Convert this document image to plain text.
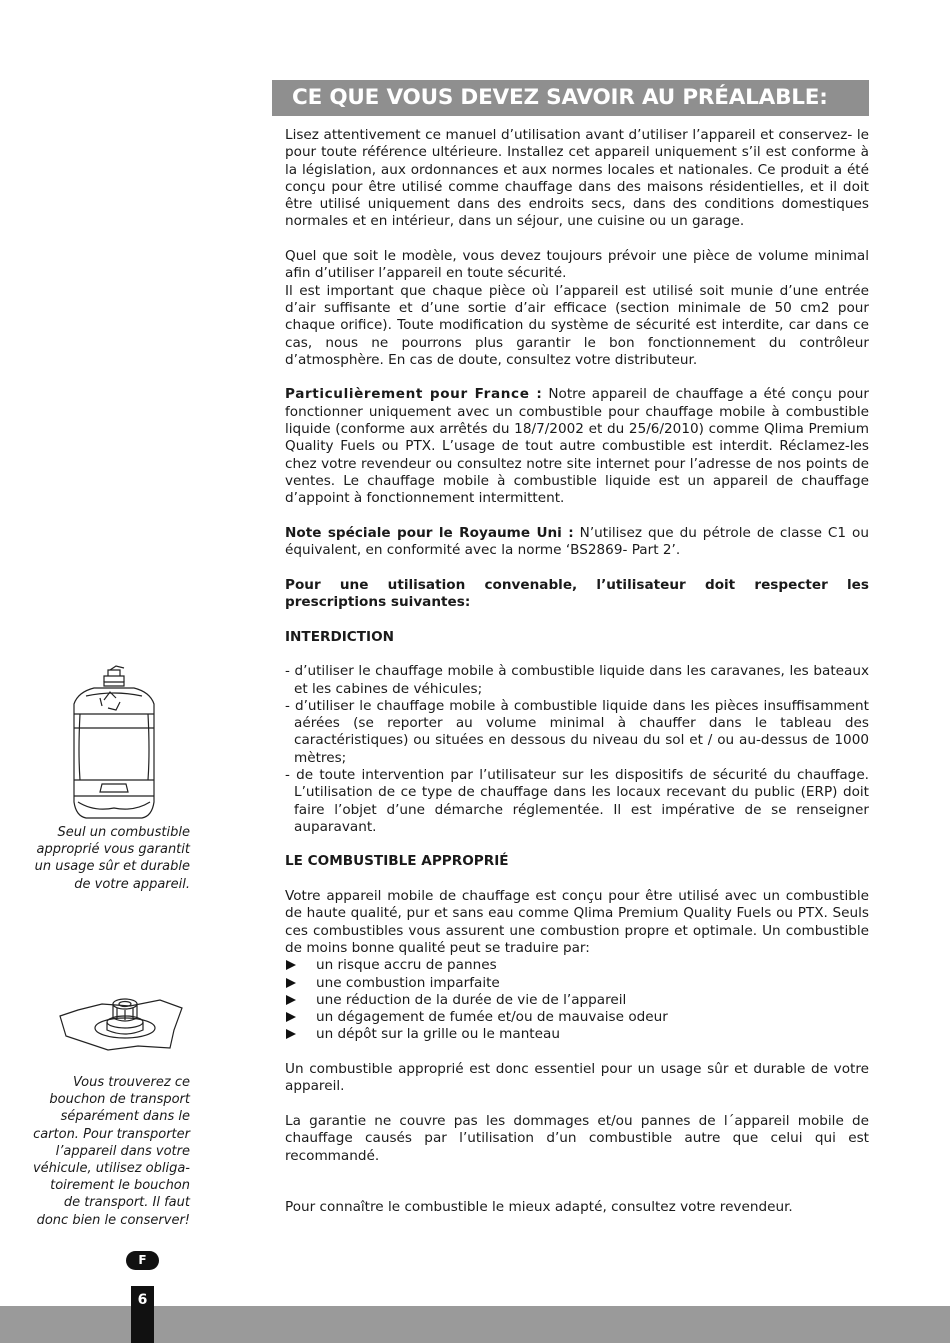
CE QUE VOUS DEVEZ SAVOIR AU PRÉALABLE:

Lisez attentivement ce manuel d’utilisation avant d’utiliser l’appareil et conservez- le pour toute référence ultérieure. Installez cet appareil uniquement s’il est conforme à la législation, aux ordonnances et aux normes locales et nationales. Ce produit a été conçu pour être utilisé comme chauffage dans des maisons résidentielles, et il doit être utilisé uniquement dans des endroits secs, dans des conditions domestiques normales et en intérieur, dans un séjour, une cuisine ou un garage.

Quel que soit le modèle, vous devez toujours prévoir une pièce de volume minimal afin d’utiliser l’appareil en toute sécurité.

Il est important que chaque pièce où l’appareil est utilisé soit munie d’une entrée d’air suffisante et d’une sortie d’air efficace (section minimale de 50 cm2 pour chaque orifice). Toute modification du système de sécurité est interdite, car dans ce cas, nous ne pourrons plus garantir le bon fonctionnement du contrôleur d’atmosphère. En cas de doute, consultez votre distributeur.

Particulièrement pour France : Notre appareil de chauffage a été conçu pour fonctionner uniquement avec un combustible pour chauffage mobile à combustible liquide (conforme aux arrêtés du 18/7/2002 et du 25/6/2010) comme Qlima Premium Quality Fuels ou PTX. L’usage de tout autre combustible est interdit. Réclamez-les chez votre revendeur ou consultez notre site internet pour l’adresse de nos points de ventes. Le chauffage mobile à combustible liquide est un appareil de chauffage d’appoint à fonctionnement intermittent.

Note spéciale pour le Royaume Uni : N’utilisez que du pétrole de classe C1 ou équivalent, en conformité avec la norme ‘BS2869- Part 2’.

Pour une utilisation convenable, l’utilisateur doit respecter les prescriptions suivantes:

INTERDICTION

- d’utiliser le chauffage mobile à combustible liquide dans les caravanes, les bateaux et les cabines de véhicules;
- d’utiliser le chauffage mobile à combustible liquide dans les pièces insuffisamment aérées (se reporter au volume minimal à chauffer dans le tableau des caractéristiques) ou situées en dessous du niveau du sol et / ou au-dessus de 1000 mètres;
- de toute intervention par l’utilisateur sur les dispositifs de sécurité du chauffage. L’utilisation de ce type de chauffage dans les locaux recevant du public (ERP) doit faire l’objet d’une démarche réglementée. Il est impérative de se renseigner auparavant.

LE COMBUSTIBLE APPROPRIÉ

Votre appareil mobile de chauffage est conçu pour être utilisé avec un combustible de haute qualité, pur et sans eau comme Qlima Premium Quality Fuels ou PTX. Seuls ces combustibles vous assurent une combustion propre et optimale. Un combustible de moins bonne qualité peut se traduire par:

un risque accru de pannes
une combustion imparfaite
une réduction de la durée de vie de l’appareil
un dégagement de fumée et/ou de mauvaise odeur
un dépôt sur la grille ou le manteau

Un combustible approprié est donc essentiel pour un usage sûr et durable de votre appareil.

La garantie ne couvre pas les dommages et/ou pannes de l´appareil mobile de chauffage causés par l’utilisation d’un combustible autre que celui qui est recommandé.

Pour connaître le combustible le mieux adapté, consultez votre revendeur.

Seul un combustible approprié vous garantit un usage sûr et durable de votre appareil.
Vous trouverez ce bouchon de transport séparément dans le carton. Pour transporter l’appareil dans votre véhicule, utilisez obliga-toirement le bouchon de transport. Il faut donc bien le conserver!
F
6
